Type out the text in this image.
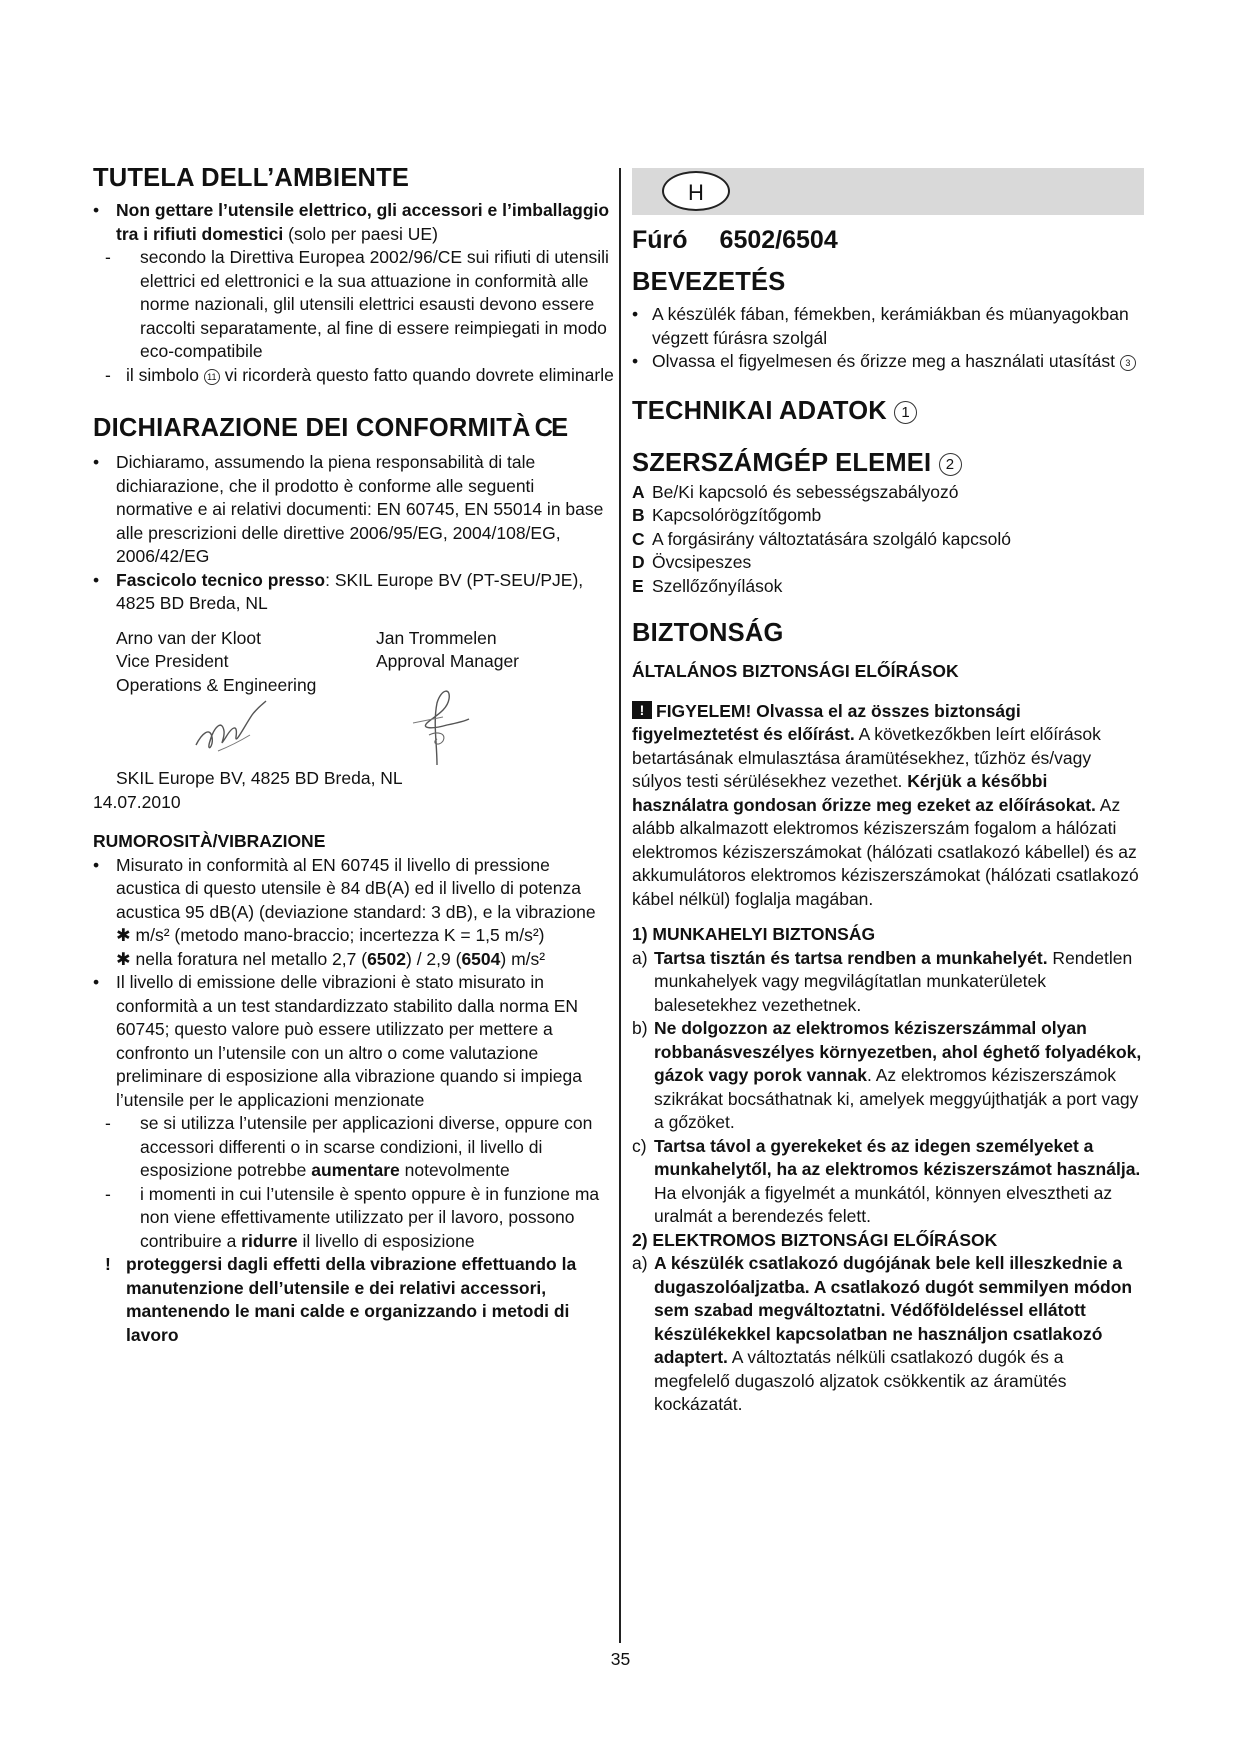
TUTELA DELL’AMBIENTE
• Non gettare l’utensile elettrico, gli accessori e l’imballaggio tra i rifiuti domestici (solo per paesi UE)
- secondo la Direttiva Europea 2002/96/CE sui rifiuti di utensili elettrici ed elettronici e la sua attuazione in conformità alle norme nazionali, glil utensili elettrici esausti devono essere raccolti separatamente, al fine di essere reimpiegati in modo eco-compatibile
- il simbolo 11 vi ricorderà questo fatto quando dovrete eliminarle
DICHIARAZIONE DEI CONFORMITÀ CE
• Dichiaramo, assumendo la piena responsabilità di tale dichiarazione, che il prodotto è conforme alle seguenti normative e ai relativi documenti: EN 60745, EN 55014 in base alle prescrizioni delle direttive 2006/95/EG, 2004/108/EG, 2006/42/EG
• Fascicolo tecnico presso: SKIL Europe BV (PT-SEU/PJE), 4825 BD Breda, NL
Arno van der Kloot
Vice President
Operations & Engineering
Jan Trommelen
Approval Manager
SKIL Europe BV, 4825 BD Breda, NL
14.07.2010
RUMOROSITÀ/VIBRAZIONE
• Misurato in conformità al EN 60745 il livello di pressione acustica di questo utensile è 84 dB(A) ed il livello di potenza acustica 95 dB(A) (deviazione standard: 3 dB), e la vibrazione ✱ m/s² (metodo mano-braccio; incertezza K = 1,5 m/s²)
✱ nella foratura nel metallo 2,7 (6502) / 2,9 (6504) m/s²
• Il livello di emissione delle vibrazioni è stato misurato in conformità a un test standardizzato stabilito dalla norma EN 60745; questo valore può essere utilizzato per mettere a confronto un l’utensile con un altro o come valutazione preliminare di esposizione alla vibrazione quando si impiega l’utensile per le applicazioni menzionate
- se si utilizza l’utensile per applicazioni diverse, oppure con accessori differenti o in scarse condizioni, il livello di esposizione potrebbe aumentare notevolmente
- i momenti in cui l’utensile è spento oppure è in funzione ma non viene effettivamente utilizzato per il lavoro, possono contribuire a ridurre il livello di esposizione
! proteggersi dagli effetti della vibrazione effettuando la manutenzione dell’utensile e dei relativi accessori, mantenendo le mani calde e organizzando i metodi di lavoro
H
Fúró 6502/6504
BEVEZETÉS
• A készülék fában, fémekben, kerámiákban és müanyagokban végzett fúrásra szolgál
• Olvassa el figyelmesen és őrizze meg a használati utasítást 3
TECHNIKAI ADATOK 1
SZERSZÁMGÉP ELEMEI 2
A Be/Ki kapcsoló és sebességszabályozó
B Kapcsolórögzítőgomb
C A forgásirány változtatására szolgáló kapcsoló
D Övcsipeszes
E Szellőzőnyílások
BIZTONSÁG
ÁLTALÁNOS BIZTONSÁGI ELŐÍRÁSOK
!FIGYELEM! Olvassa el az összes biztonsági figyelmeztetést és előírást. A következőkben leírt előírások betartásának elmulasztása áramütésekhez, tűzhöz és/vagy súlyos testi sérülésekhez vezethet. Kérjük a későbbi használatra gondosan őrizze meg ezeket az előírásokat. Az alább alkalmazott elektromos kéziszerszám fogalom a hálózati elektromos kéziszerszámokat (hálózati csatlakozó kábellel) és az akkumulátoros elektromos kéziszerszámokat (hálózati csatlakozó kábel nélkül) foglalja magában.
1) MUNKAHELYI BIZTONSÁG
a) Tartsa tisztán és tartsa rendben a munkahelyét. Rendetlen munkahelyek vagy megvilágítatlan munkaterületek balesetekhez vezethetnek.
b) Ne dolgozzon az elektromos kéziszerszámmal olyan robbanásveszélyes környezetben, ahol éghető folyadékok, gázok vagy porok vannak. Az elektromos kéziszerszámok szikrákat bocsáthatnak ki, amelyek meggyújthatják a port vagy a gőzöket.
c) Tartsa távol a gyerekeket és az idegen személyeket a munkahelytől, ha az elektromos kéziszerszámot használja. Ha elvonják a figyelmét a munkától, könnyen elvesztheti az uralmát a berendezés felett.
2) ELEKTROMOS BIZTONSÁGI ELŐÍRÁSOK
a) A készülék csatlakozó dugójának bele kell illeszkednie a dugaszolóaljzatba. A csatlakozó dugót semmilyen módon sem szabad megváltoztatni. Védőföldeléssel ellátott készülékekkel kapcsolatban ne használjon csatlakozó adaptert. A változtatás nélküli csatlakozó dugók és a megfelelő dugaszoló aljzatok csökkentik az áramütés kockázatát.
35
